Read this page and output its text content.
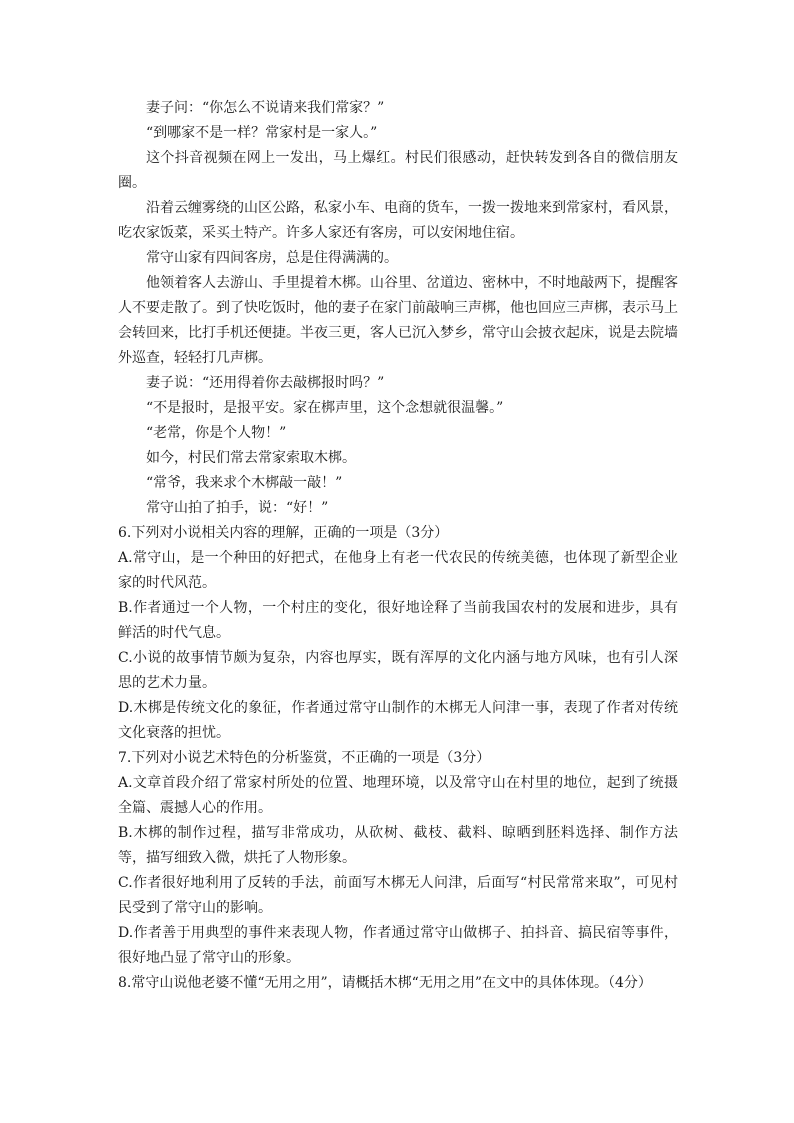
妻子问：“你怎么不说请来我们常家？”

“到哪家不是一样？常家村是一家人。”

这个抖音视频在网上一发出，马上爆红。村民们很感动，赶快转发到各自的微信朋友圈。

沿着云缠雾绕的山区公路，私家小车、电商的货车，一拨一拨地来到常家村，看风景，吃农家饭菜，采买土特产。许多人家还有客房，可以安闲地住宿。

常守山家有四间客房，总是住得满满的。

他领着客人去游山、手里提着木梆。山谷里、岔道边、密林中，不时地敲两下，提醒客人不要走散了。到了快吃饭时，他的妻子在家门前敲响三声梆，他也回应三声梆，表示马上会转回来，比打手机还便捷。半夜三更，客人已沉入梦乡，常守山会披衣起床，说是去院墙外巡查，轻轻打几声梆。

妻子说：“还用得着你去敲梆报时吗？”

“不是报时，是报平安。家在梆声里，这个念想就很温馨。”

“老常，你是个人物！”

如今，村民们常去常家索取木梆。

“常爷，我来求个木梆敲一敲！”

常守山拍了拍手，说：“好！”

6.下列对小说相关内容的理解，正确的一项是（3分）

A.常守山，是一个种田的好把式，在他身上有老一代农民的传统美德，也体现了新型企业家的时代风范。

B.作者通过一个人物，一个村庄的变化，很好地诠释了当前我国农村的发展和进步，具有鲜活的时代气息。

C.小说的故事情节颇为复杂，内容也厚实，既有浑厚的文化内涵与地方风味，也有引人深思的艺术力量。

D.木梆是传统文化的象征，作者通过常守山制作的木梆无人问津一事，表现了作者对传统文化衰落的担忧。

7.下列对小说艺术特色的分析鉴赏，不正确的一项是（3分）

A.文章首段介绍了常家村所处的位置、地理环境，以及常守山在村里的地位，起到了统摄全篇、震撼人心的作用。

B.木梆的制作过程，描写非常成功，从砍树、截枝、截料、晾晒到胚料选择、制作方法等，描写细致入微，烘托了人物形象。

C.作者很好地利用了反转的手法，前面写木梆无人问津，后面写“村民常常来取”，可见村民受到了常守山的影响。

D.作者善于用典型的事件来表现人物，作者通过常守山做梆子、拍抖音、搞民宿等事件，很好地凸显了常守山的形象。

8.常守山说他老婆不懂“无用之用”，请概括木梆“无用之用”在文中的具体体现。（4分）
